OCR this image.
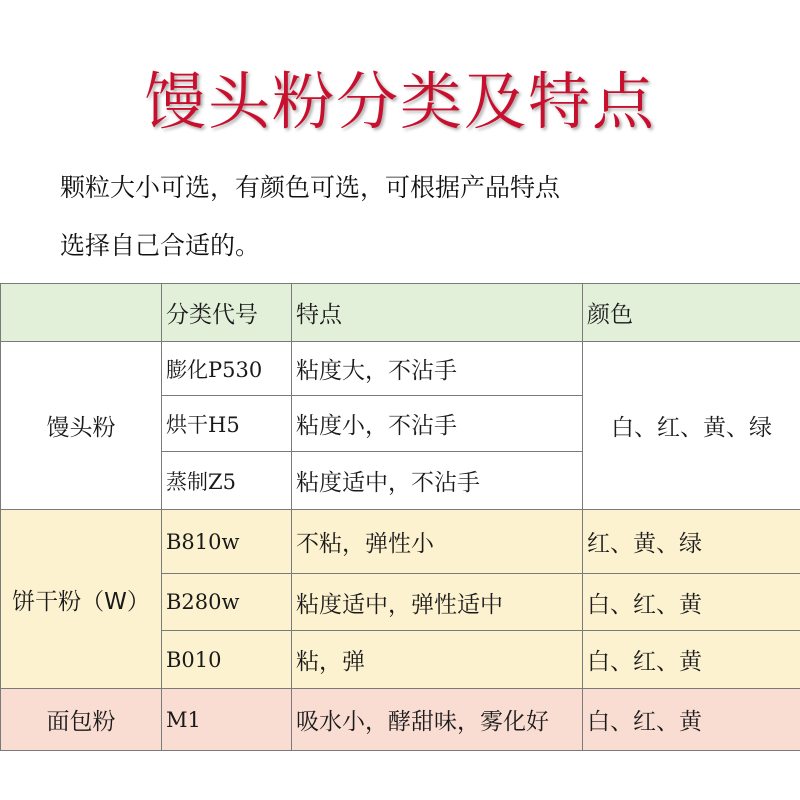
馒头粉分类及特点
颗粒大小可选，有颜色可选，可根据产品特点
选择自己合适的。
	分类代号	特点	颜色
馒头粉	膨化P530	粘度大，不沾手	白、红、黄、绿
	烘干H5	粘度小，不沾手	
	蒸制Z5	粘度适中，不沾手	
饼干粉（W）	B810w	不粘，弹性小	红、黄、绿
	B280w	粘度适中，弹性适中	白、红、黄
	B010	粘，弹	白、红、黄
面包粉	M1	吸水小，酵甜味，雾化好	白、红、黄
